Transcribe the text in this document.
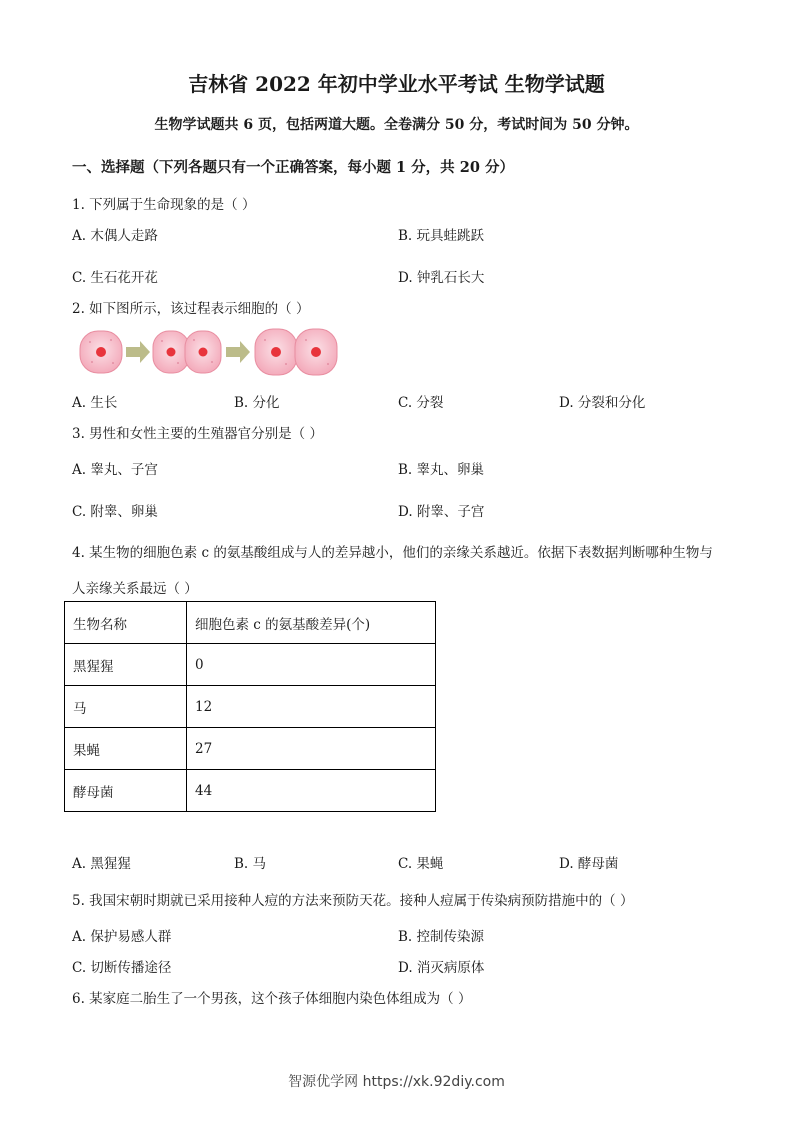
吉林省 2022 年初中学业水平考试 生物学试题
生物学试题共 6 页，包括两道大题。全卷满分 50 分，考试时间为 50 分钟。
一、选择题（下列各题只有一个正确答案，每小题 1 分，共 20 分）
1. 下列属于生命现象的是（ ）
A. 木偶人走路	B. 玩具蛙跳跃
C. 生石花开花	D. 钟乳石长大
2. 如下图所示，该过程表示细胞的（ ）
A. 生长	B. 分化	C. 分裂	D. 分裂和分化
3. 男性和女性主要的生殖器官分别是（ ）
A. 睾丸、子宫	B. 睾丸、卵巢
C. 附睾、卵巢	D. 附睾、子宫
4. 某生物的细胞色素 c 的氨基酸组成与人的差异越小，他们的亲缘关系越近。依据下表数据判断哪种生物与
人亲缘关系最远（ ）
生物名称	细胞色素 c 的氨基酸差异(个)
黑猩猩	0
马	12
果蝇	27
酵母菌	44
A. 黑猩猩	B. 马	C. 果蝇	D. 酵母菌
5. 我国宋朝时期就已采用接种人痘的方法来预防天花。接种人痘属于传染病预防措施中的（ ）
A. 保护易感人群	B. 控制传染源
C. 切断传播途径	D. 消灭病原体
6. 某家庭二胎生了一个男孩，这个孩子体细胞内染色体组成为（ ）
智源优学网 https://xk.92diy.com
